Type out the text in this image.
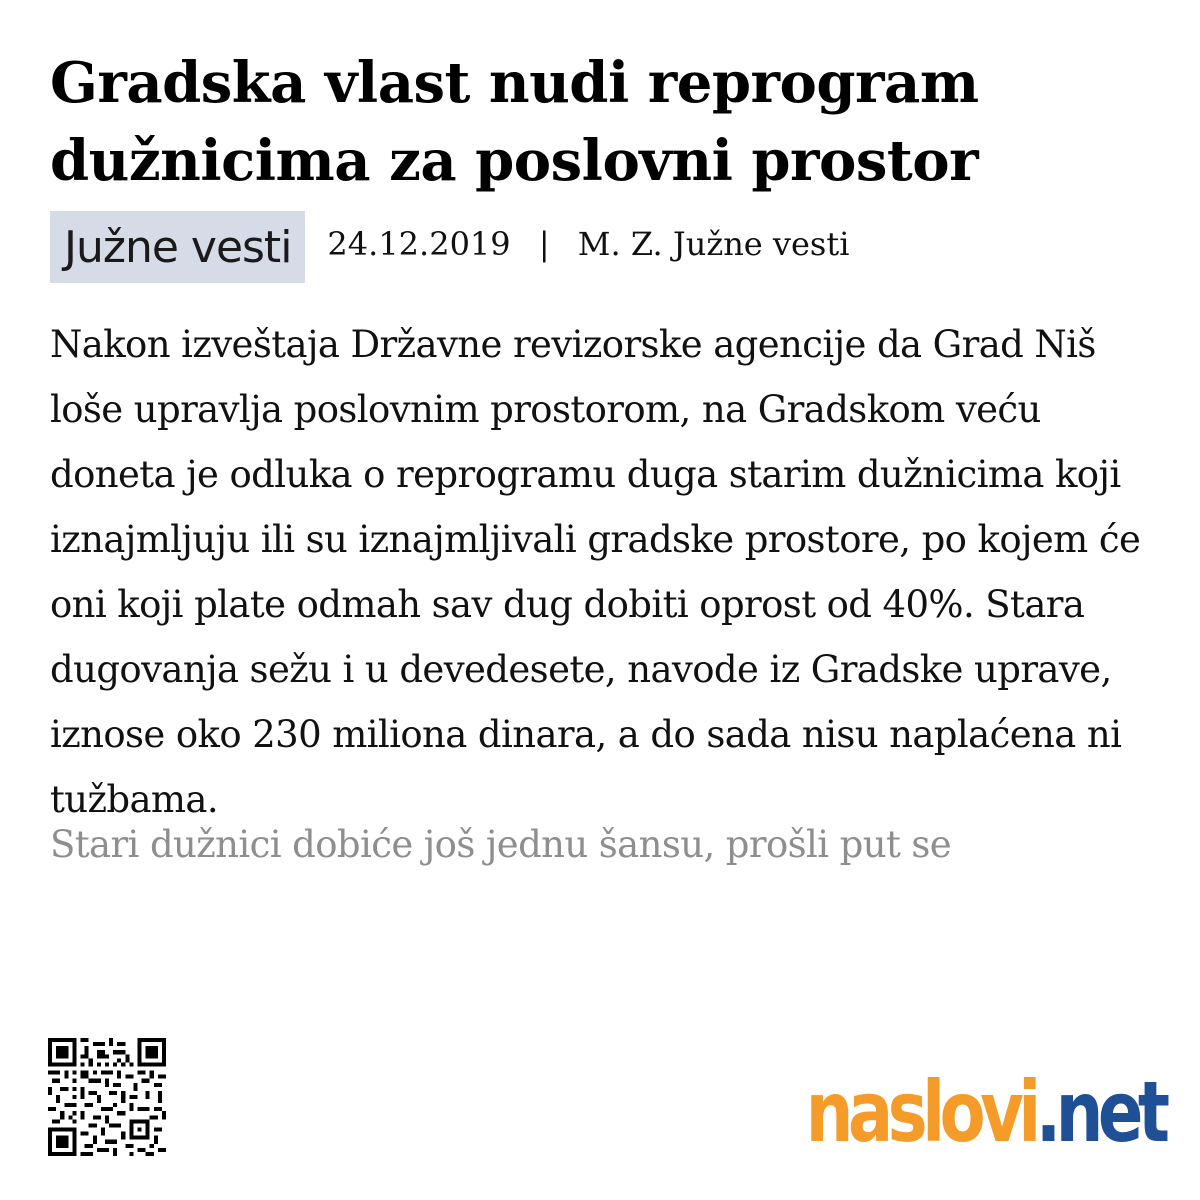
Gradska vlast nudi reprogram dužnicima za poslovni prostor
Južne vesti	24.12.2019 | M. Z. Južne vesti

Nakon izveštaja Državne revizorske agencije da Grad Niš loše upravlja poslovnim prostorom, na Gradskom veću doneta je odluka o reprogramu duga starim dužnicima koji iznajmljuju ili su iznajmljivali gradske prostore, po kojem će oni koji plate odmah sav dug dobiti oprost od 40%. Stara dugovanja sežu i u devedesete, navode iz Gradske uprave, iznose oko 230 miliona dinara, a do sada nisu naplaćena ni tužbama.

Stari dužnici dobiće još jednu šansu, prošli put se

naslovi.net
